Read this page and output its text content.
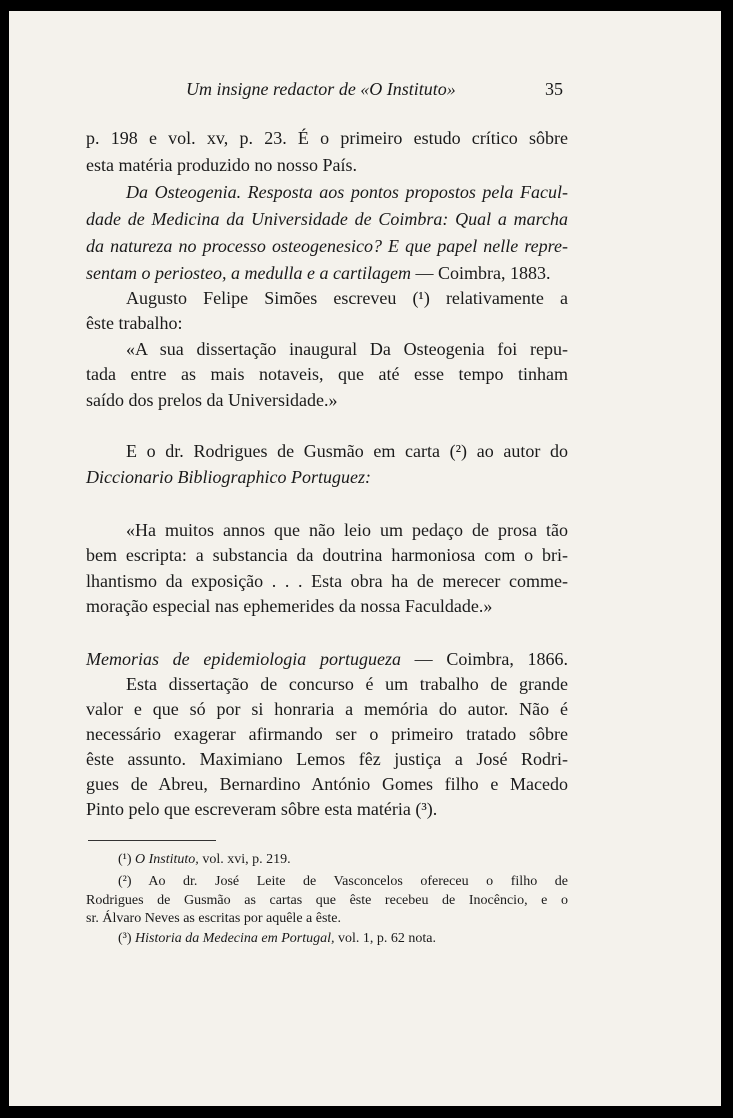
Um insigne redactor de «O Instituto»	35
p. 198 e vol. xv, p. 23. É o primeiro estudo crítico sôbre
esta matéria produzido no nosso País.
Da Osteogenia. Resposta aos pontos propostos pela Facul-
dade de Medicina da Universidade de Coimbra: Qual a marcha
da natureza no processo osteogenesico? E que papel nelle repre-
sentam o periosteo, a medulla e a cartilagem — Coimbra, 1883.
Augusto Felipe Simões escreveu (¹) relativamente a
êste trabalho:
«A sua dissertação inaugural Da Osteogenia foi repu-
tada entre as mais notaveis, que até esse tempo tinham
saído dos prelos da Universidade.»
E o dr. Rodrigues de Gusmão em carta (²) ao autor do
Diccionario Bibliographico Portuguez:
«Ha muitos annos que não leio um pedaço de prosa tão
bem escripta: a substancia da doutrina harmoniosa com o bri-
lhantismo da exposição . . . Esta obra ha de merecer comme-
moração especial nas ephemerides da nossa Faculdade.»
Memorias de epidemiologia portugueza — Coimbra, 1866.
Esta dissertação de concurso é um trabalho de grande
valor e que só por si honraria a memória do autor. Não é
necessário exagerar afirmando ser o primeiro tratado sôbre
êste assunto. Maximiano Lemos fêz justiça a José Rodri-
gues de Abreu, Bernardino António Gomes filho e Macedo
Pinto pelo que escreveram sôbre esta matéria (³).
(¹) O Instituto, vol. xvi, p. 219.
(²) Ao dr. José Leite de Vasconcelos ofereceu o filho de
Rodrigues de Gusmão as cartas que êste recebeu de Inocêncio, e o
sr. Álvaro Neves as escritas por aquêle a êste.
(³) Historia da Medecina em Portugal, vol. 1, p. 62 nota.
